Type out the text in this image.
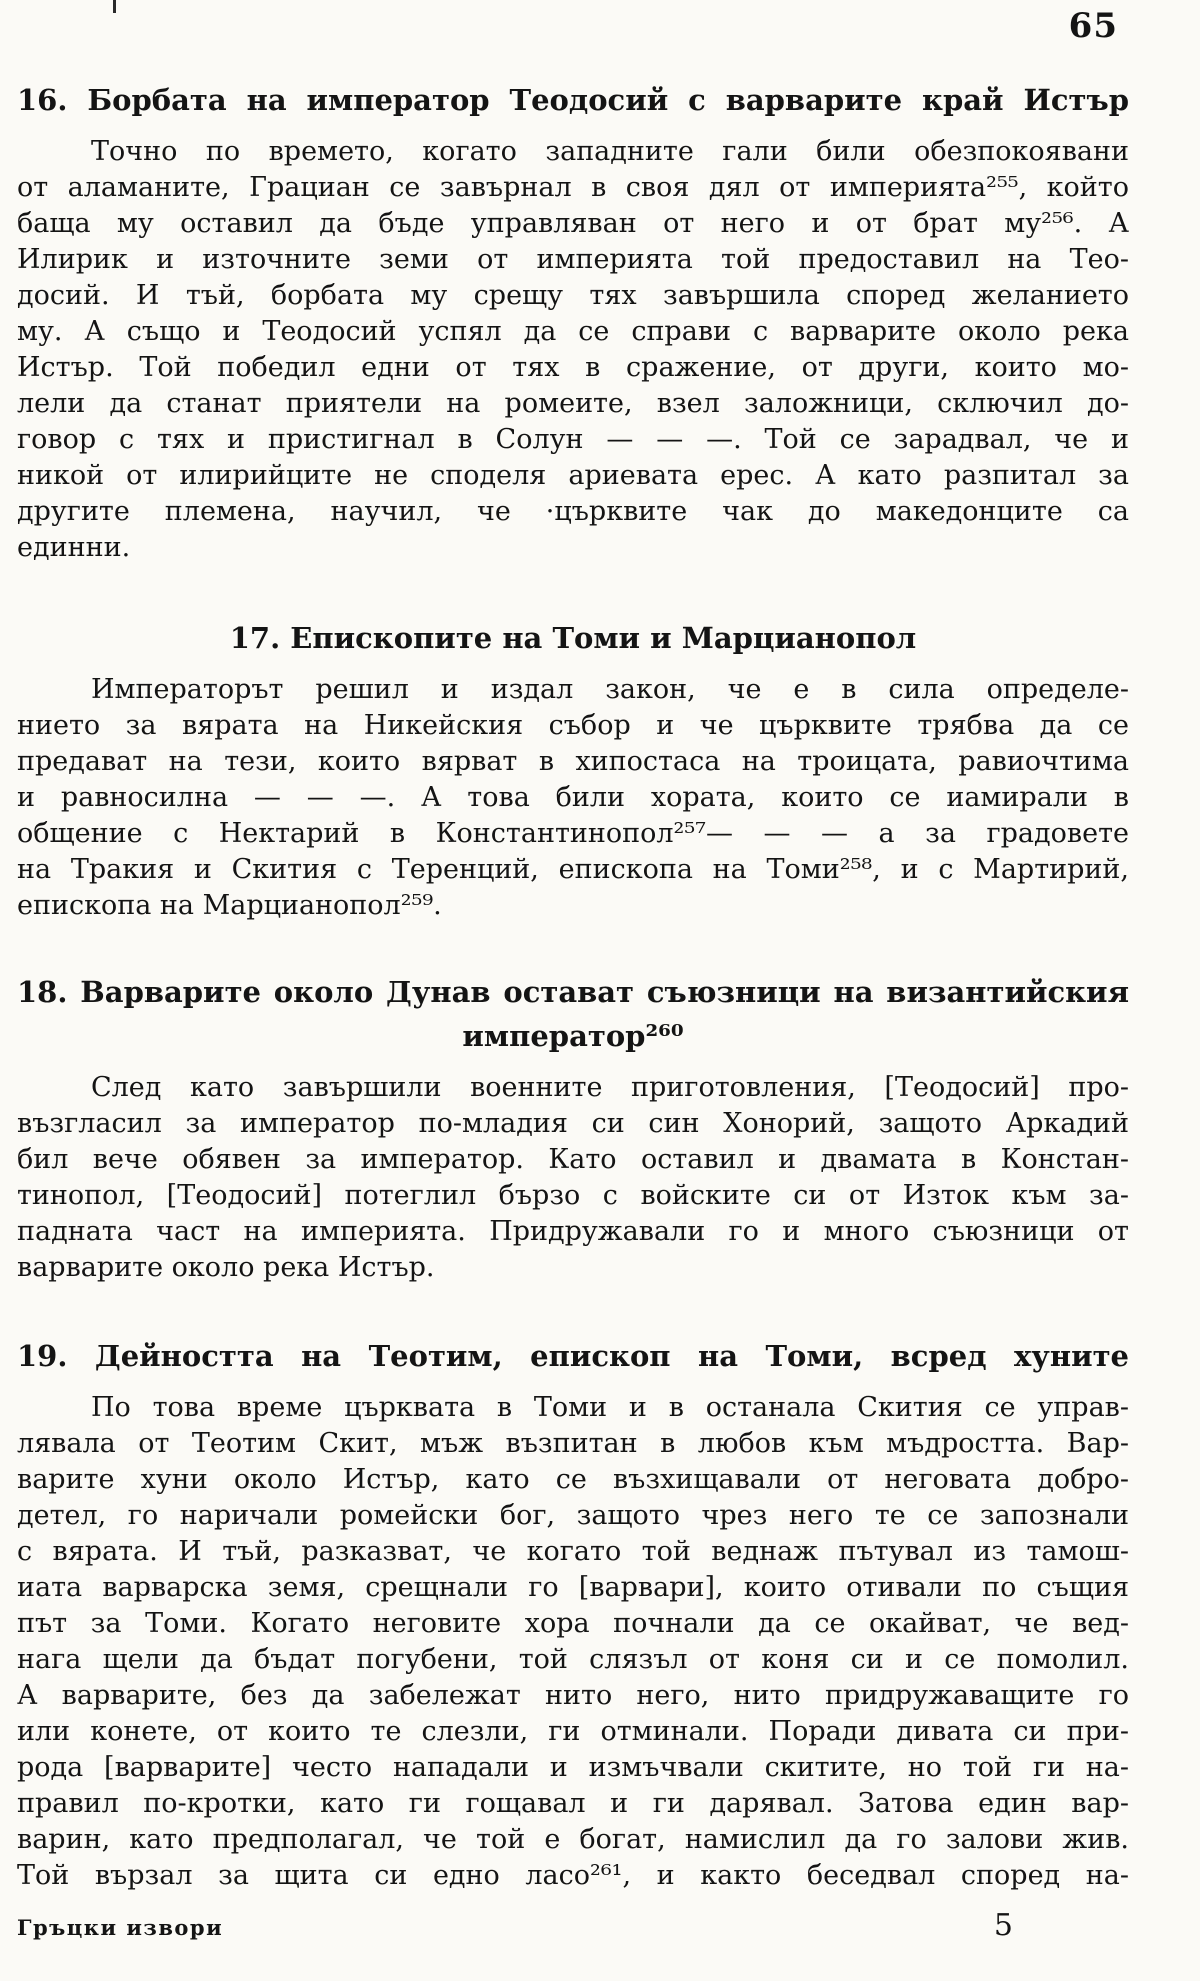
65
16. Борбата на император Теодосий с варварите край Истър
Точно по времето, когато западните гали били обезпокоявани
от аламаните, Грациан се завърнал в своя дял от империята²⁵⁵, който
баща му оставил да бъде управляван от него и от брат му²⁵⁶. А
Илирик и източните земи от империята той предоставил на Тео-
досий. И тъй, борбата му срещу тях завършила според желанието
му. А също и Теодосий успял да се справи с варварите около река
Истър. Той победил едни от тях в сражение, от други, които мо-
лели да станат приятели на ромеите, взел заложници, сключил до-
говор с тях и пристигнал в Солун — — —. Той се зарадвал, че и
никой от илирийците не споделя ариевата ерес. А като разпитал за
другите племена, научил, че ·църквите чак до македонците са
единни.
17. Епископите на Томи и Марцианопол
Императорът решил и издал закон, че е в сила определе-
нието за вярата на Никейския събор и че църквите трябва да се
предават на тези, които вярват в хипостаса на троицата, равиочтима
и равносилна — — —. А това били хората, които се иамирали в
общение с Нектарий в Константинопол²⁵⁷— — — а за градовете
на Тракия и Скития с Теренций, епископа на Томи²⁵⁸, и с Мартирий,
епископа на Марцианопол²⁵⁹.
18. Варварите около Дунав остават съюзници на византийския
император²⁶⁰
След като завършили военните приготовления, [Теодосий] про-
възгласил за император по-младия си син Хонорий, защото Аркадий
бил вече обявен за император. Като оставил и двамата в Констан-
тинопол, [Теодосий] потеглил бързо с войските си от Изток към за-
падната част на империята. Придружавали го и много съюзници от
варварите около река Истър.
19. Дейността на Теотим, епископ на Томи, всред хуните
По това време църквата в Томи и в останала Скития се управ-
лявала от Теотим Скит, мъж възпитан в любов към мъдростта. Вар-
варите хуни около Истър, като се възхищавали от неговата добро-
детел, го наричали ромейски бог, защото чрез него те се запознали
с вярата. И тъй, разказват, че когато той веднаж пътувал из тамош-
иата варварска земя, срещнали го [варвари], които отивали по същия
път за Томи. Когато неговите хора почнали да се окайват, че вед-
нага щели да бъдат погубени, той слязъл от коня си и се помолил.
А варварите, без да забележат нито него, нито придружаващите го
или конете, от които те слезли, ги отминали. Поради дивата си при-
рода [варварите] често нападали и измъчвали скитите, но той ги на-
правил по-кротки, като ги гощавал и ги дарявал. Затова един вар-
варин, като предполагал, че той е богат, намислил да го залови жив.
Той вързал за щита си едно ласо²⁶¹, и както беседвал според на-
Гръцки извори	5
